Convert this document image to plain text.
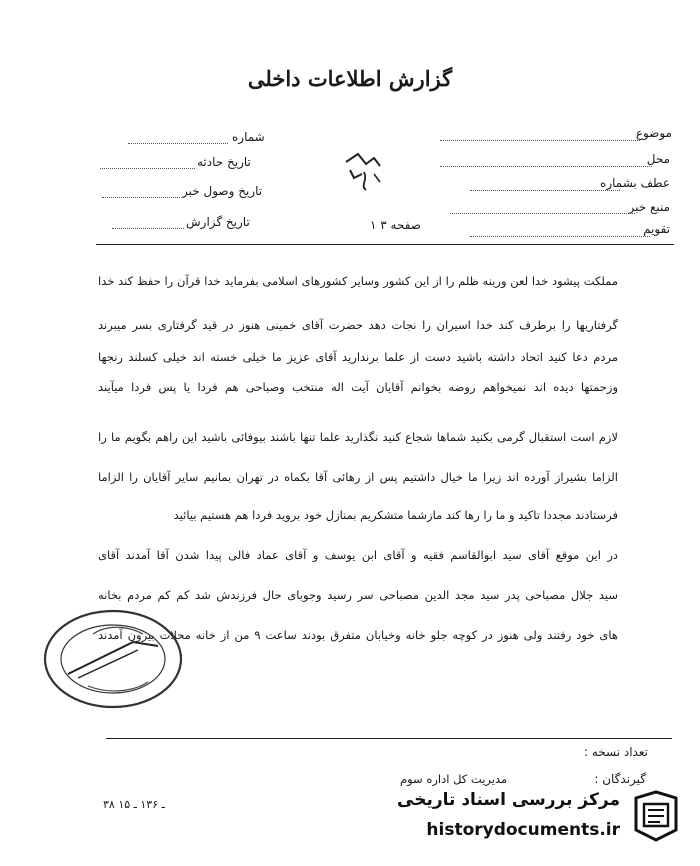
گزارش اطلاعات داخلی
شماره
تاریخ حادثه
تاریخ وصول خبر
تاریخ گزارش
موضوع
محل
عطف بشماره
منبع خبر
تقویم
صفحه ۳ ۱
مملکت پیشود خدا لعن ورینه ظلم را از این کشور وسایر کشورهای اسلامی بفرماید خدا قرآن را حفظ کند خدا
گرفتاریها را برطرف کند خدا اسیران را نجات دهد حضرت آقای خمینی هنوز در قید گرفتاری بسر میبرند
مردم دعا کنید اتحاد داشته باشید دست از علما برندارید آقای عزیز ما خیلی خسته اند خیلی کسلند رنجها
وزحمتها دیده اند نمیخواهم روضه بخوانم آقایان آیت اله منتخب وصباحی هم فردا یا پس فردا میآیند
لازم است استقبال گرمی بکنید شماها شجاع کنید نگذارید علما تنها باشند بیوفائی باشید این راهم بگویم ما را
الزاما بشیراز آورده اند زیرا ما خیال داشتیم پس از رهائی آقا بکماه در تهران بمانیم سایر آقایان را الزاما
فرستادند مجددا تاکید و ما را رها کند مازشما متشکریم بمنازل خود بروید فردا هم هستیم بیائید
در این موقع آقای سید ابوالقاسم فقیه و آقای ابن یوسف و آقای عماد فالی پیدا شدن آقا آمدند آقای
سید جلال مصباحی پدر سید مجد الدین مصباحی سر رسید وجوبای حال فرزندش شد کم کم مردم بخانه
های خود رفتند ولی هنوز در کوچه جلو خانه وخیابان متفرق بودند ساعت ۹ من از خانه محلات بیرون آمدند
تعداد نسخه :
گیرندگان :
مدیریت کل اداره سوم
۳۸ ـ ۱۳۶ ـ ۱۵	مرکز بررسی اسناد تاریخی
historydocuments.ir
